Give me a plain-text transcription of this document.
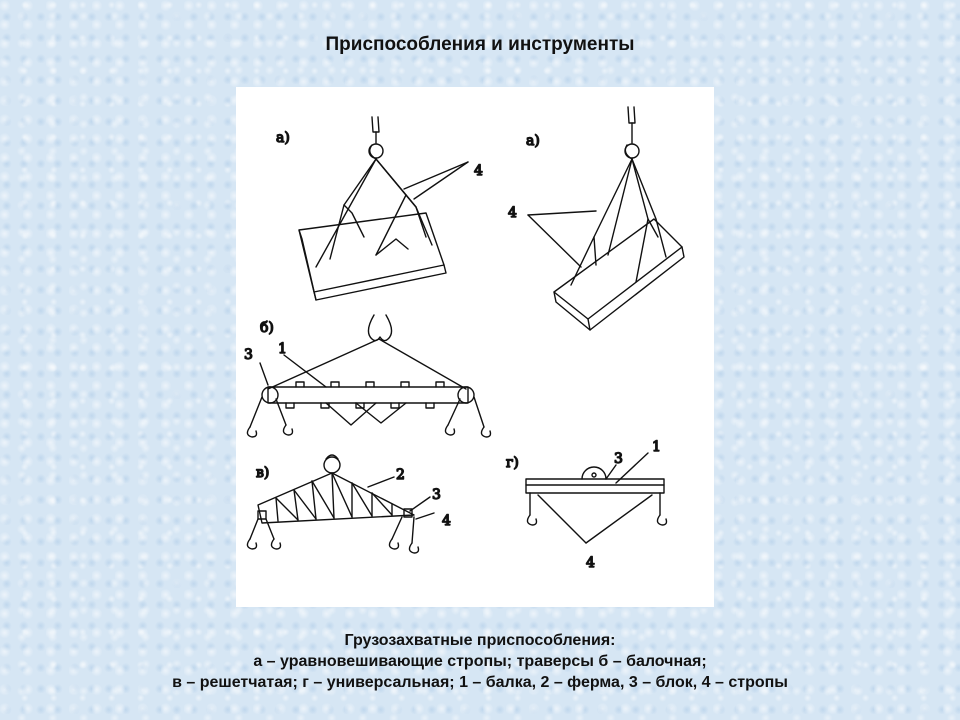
Приспособления и инструменты
а)
4
а)
4
б)
3 1
в)	2
3
4
г)
1
3
4
Грузозахватные приспособления:
а – уравновешивающие стропы; траверсы б – балочная;
в – решетчатая; г – универсальная; 1 – балка, 2 – ферма, 3 – блок, 4 – стропы
